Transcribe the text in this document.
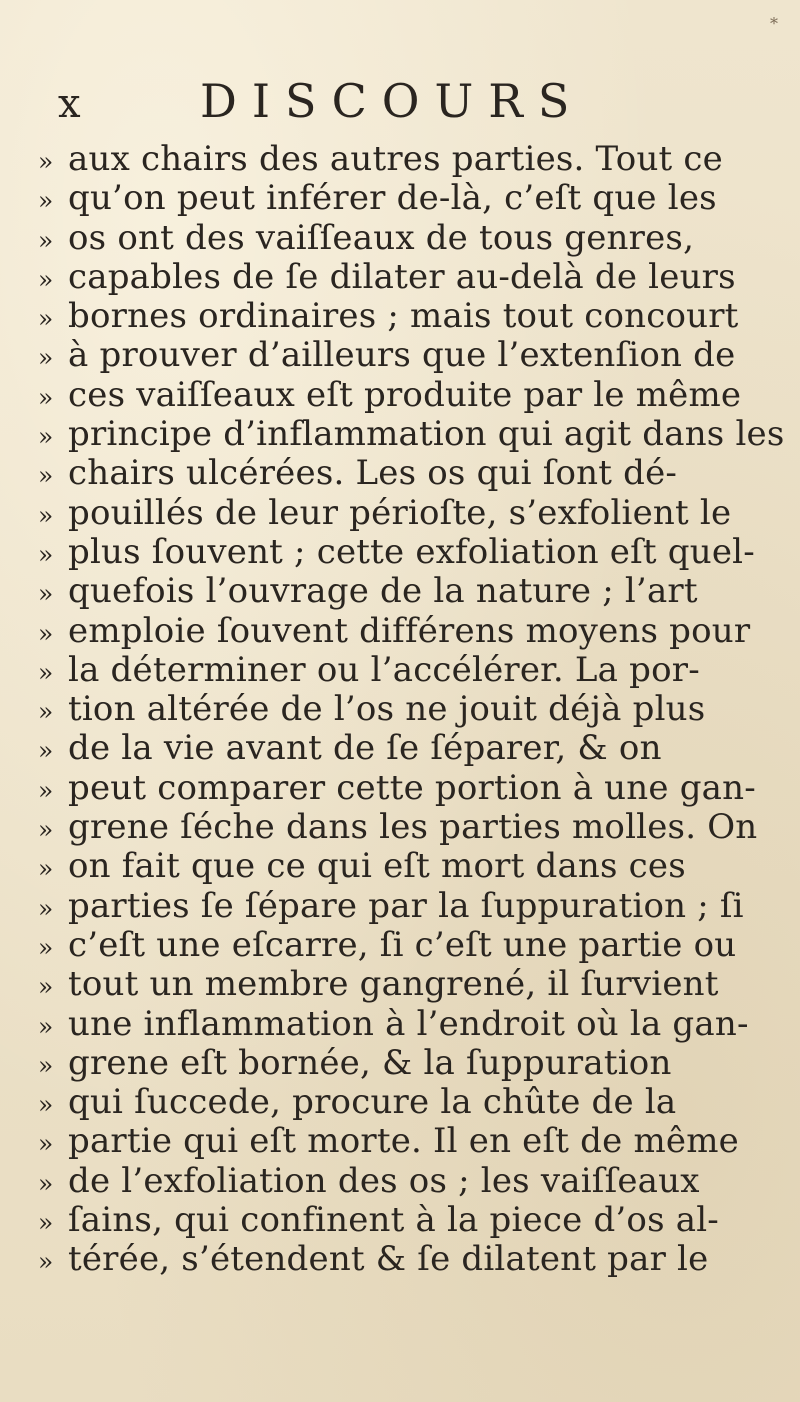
*
x	DISCOURS
» aux chairs des autres parties. Tout ce
» qu’on peut inférer de-là, c’eſt que les
» os ont des vaiſſeaux de tous genres,
» capables de ſe dilater au-delà de leurs
» bornes ordinaires ; mais tout concourt
» à prouver d’ailleurs que l’extenſion de
» ces vaiſſeaux eſt produite par le même
» principe d’inflammation qui agit dans les
» chairs ulcérées. Les os qui ſont dé-
» pouillés de leur périoſte, s’exfolient le
» plus ſouvent ; cette exfoliation eſt quel-
» quefois l’ouvrage de la nature ; l’art
» emploie ſouvent différens moyens pour
» la déterminer ou l’accélérer. La por-
» tion altérée de l’os ne jouit déjà plus
» de la vie avant de ſe ſéparer, & on
» peut comparer cette portion à une gan-
» grene ſéche dans les parties molles. On
» on fait que ce qui eſt mort dans ces
» parties ſe ſépare par la ſuppuration ; ſi
» c’eſt une eſcarre, ſi c’eſt une partie ou
» tout un membre gangrené, il ſurvient
» une inflammation à l’endroit où la gan-
» grene eſt bornée, & la ſuppuration
» qui ſuccede, procure la chûte de la
» partie qui eſt morte. Il en eſt de même
» de l’exfoliation des os ; les vaiſſeaux
» ſains, qui confinent à la piece d’os al-
» térée, s’étendent & ſe dilatent par le
